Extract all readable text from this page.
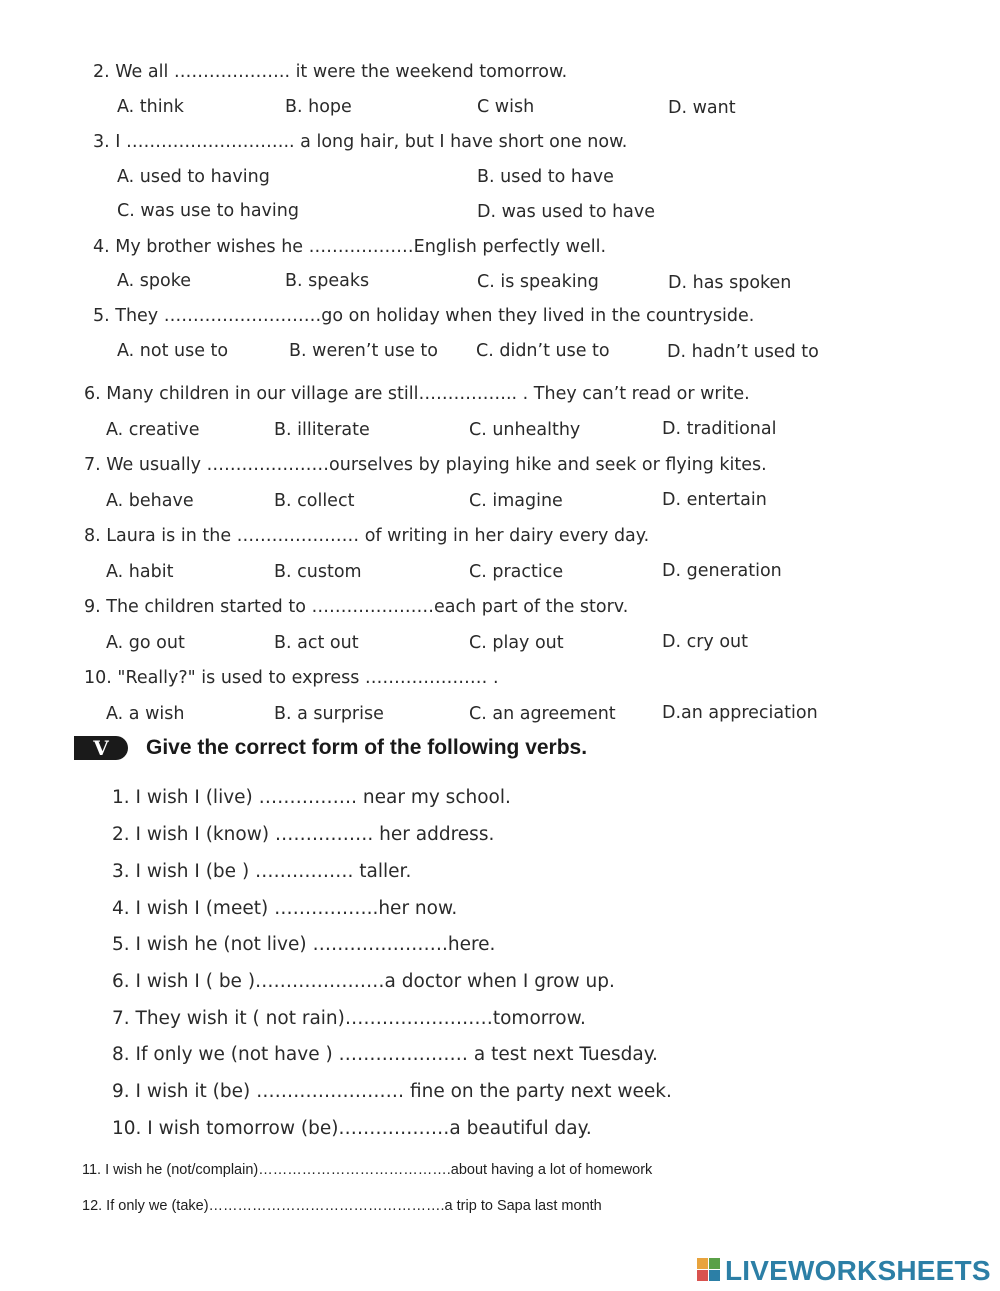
2. We all ……………….. it were the weekend tomorrow.
A. think	B. hope	C wish	D. want
3. I ……………………….. a long hair, but I have short one now.
A. used to having	B. used to have
C. was use to having	D. was used to have
4. My brother wishes he ………………English perfectly well.
A. spoke	B. speaks	C. is speaking	D. has spoken
5. They ………………………go on holiday when they lived in the countryside.
A. not use to	B. weren’t use to C. didn’t use to	D. hadn’t used to
6. Many children in our village are still…………….. . They can’t read or write.
A. creative	B. illiterate	C. unhealthy	D. traditional
7. We usually …………………ourselves by playing hike and seek or flying kites.
A. behave	B. collect	C. imagine	D. entertain
8. Laura is in the ………………… of writing in her dairy every day.
A. habit	B. custom	C. practice	D. generation
9. The children started to …………………each part of the storv.
A. go out	B. act out	C. play out	D. cry out
10. "Really?" is used to express ………………… .
A. a wish	B. a surprise	C. an agreement	D.an appreciation
V	Give the correct form of the following verbs.
1. I wish I (live) ……………. near my school.
2. I wish I (know) ……………. her address.
3. I wish I (be ) ……………. taller.
4. I wish I (meet) ……………..her now.
5. I wish he (not live) ………………….here.
6. I wish I ( be )…………………a doctor when I grow up.
7. They wish it ( not rain)……………………tomorrow.
8. If only we (not have ) ………………… a test next Tuesday.
9. I wish it (be) …………………… fine on the party next week.
10. I wish tomorrow (be)………………a beautiful day.
11. I wish he (not/complain)………………………………….about having a lot of homework
12. If only we (take)………………………………………….a trip to Sapa last month
LIVEWORKSHEETS
